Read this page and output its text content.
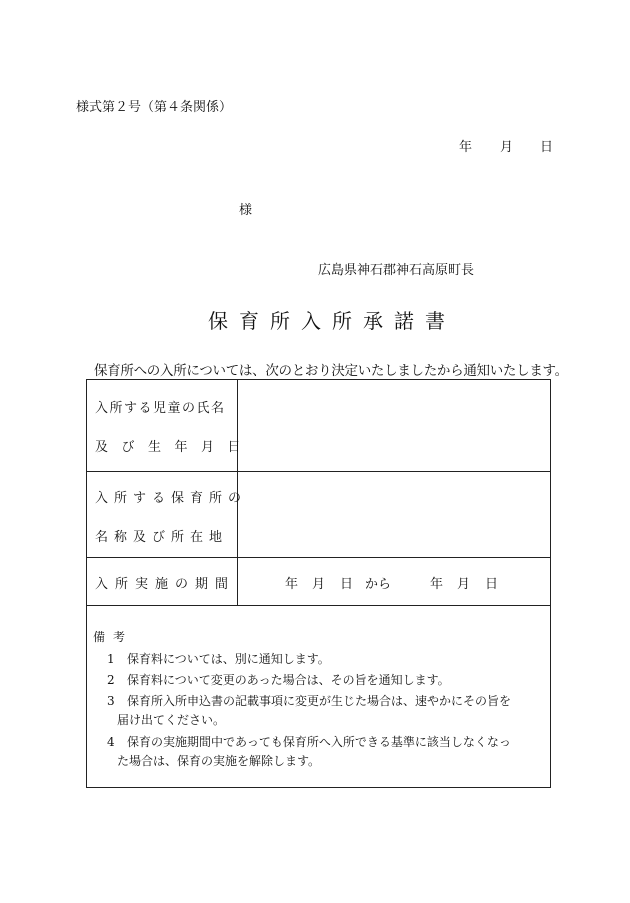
様式第２号（第４条関係）
年 月 日
様
広島県神石郡神石高原町長
保育所入所承諾書
保育所への入所については、次のとおり決定いたしましたから通知いたします。
入所する児童の氏名
及び生年月日
入所する保育所の
名称及び所在地
入所実施の期間	年 月 日 から	年 月 日
備考
1 保育料については、別に通知します。
2 保育料について変更のあった場合は、その旨を通知します。
3 保育所入所申込書の記載事項に変更が生じた場合は、速やかにその旨を
届け出てください。
4 保育の実施期間中であっても保育所へ入所できる基準に該当しなくなっ
た場合は、保育の実施を解除します。
